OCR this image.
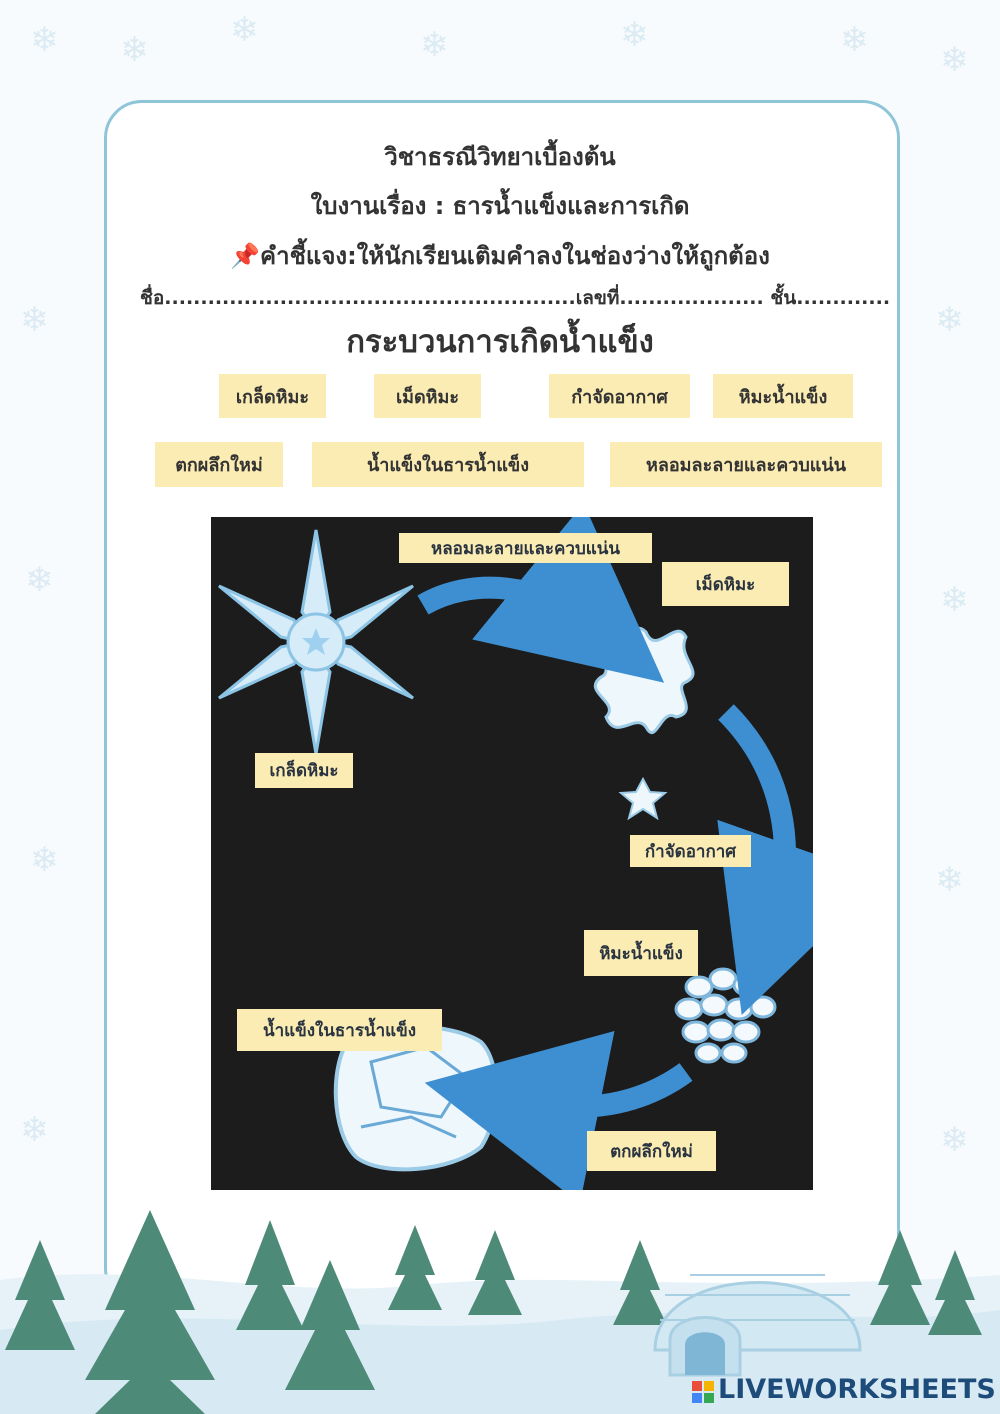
❄ ❄ ❄	❄	❄	❄ ❄
❄	❄
❄	❄
❄	❄
❄	❄
วิชาธรณีวิทยาเบื้องต้น
ใบงานเรื่อง : ธารน้ำแข็งและการเกิด
📌คำชี้แจง:ให้นักเรียนเติมคำลงในช่องว่างให้ถูกต้อง
ชื่อ.........................................................เลขที่.................... ชั้น.............
กระบวนการเกิดน้ำแข็ง
เกล็ดหิมะ	เม็ดหิมะ	กำจัดอากาศ	หิมะน้ำแข็ง
ตกผลึกใหม่	น้ำแข็งในธารน้ำแข็ง	หลอมละลายและควบแน่น
หลอมละลายและควบแน่น
เม็ดหิมะ
เกล็ดหิมะ
กำจัดอากาศ
หิมะน้ำแข็ง
น้ำแข็งในธารน้ำแข็ง
ตกผลึกใหม่
LIVEWORKSHEETS
